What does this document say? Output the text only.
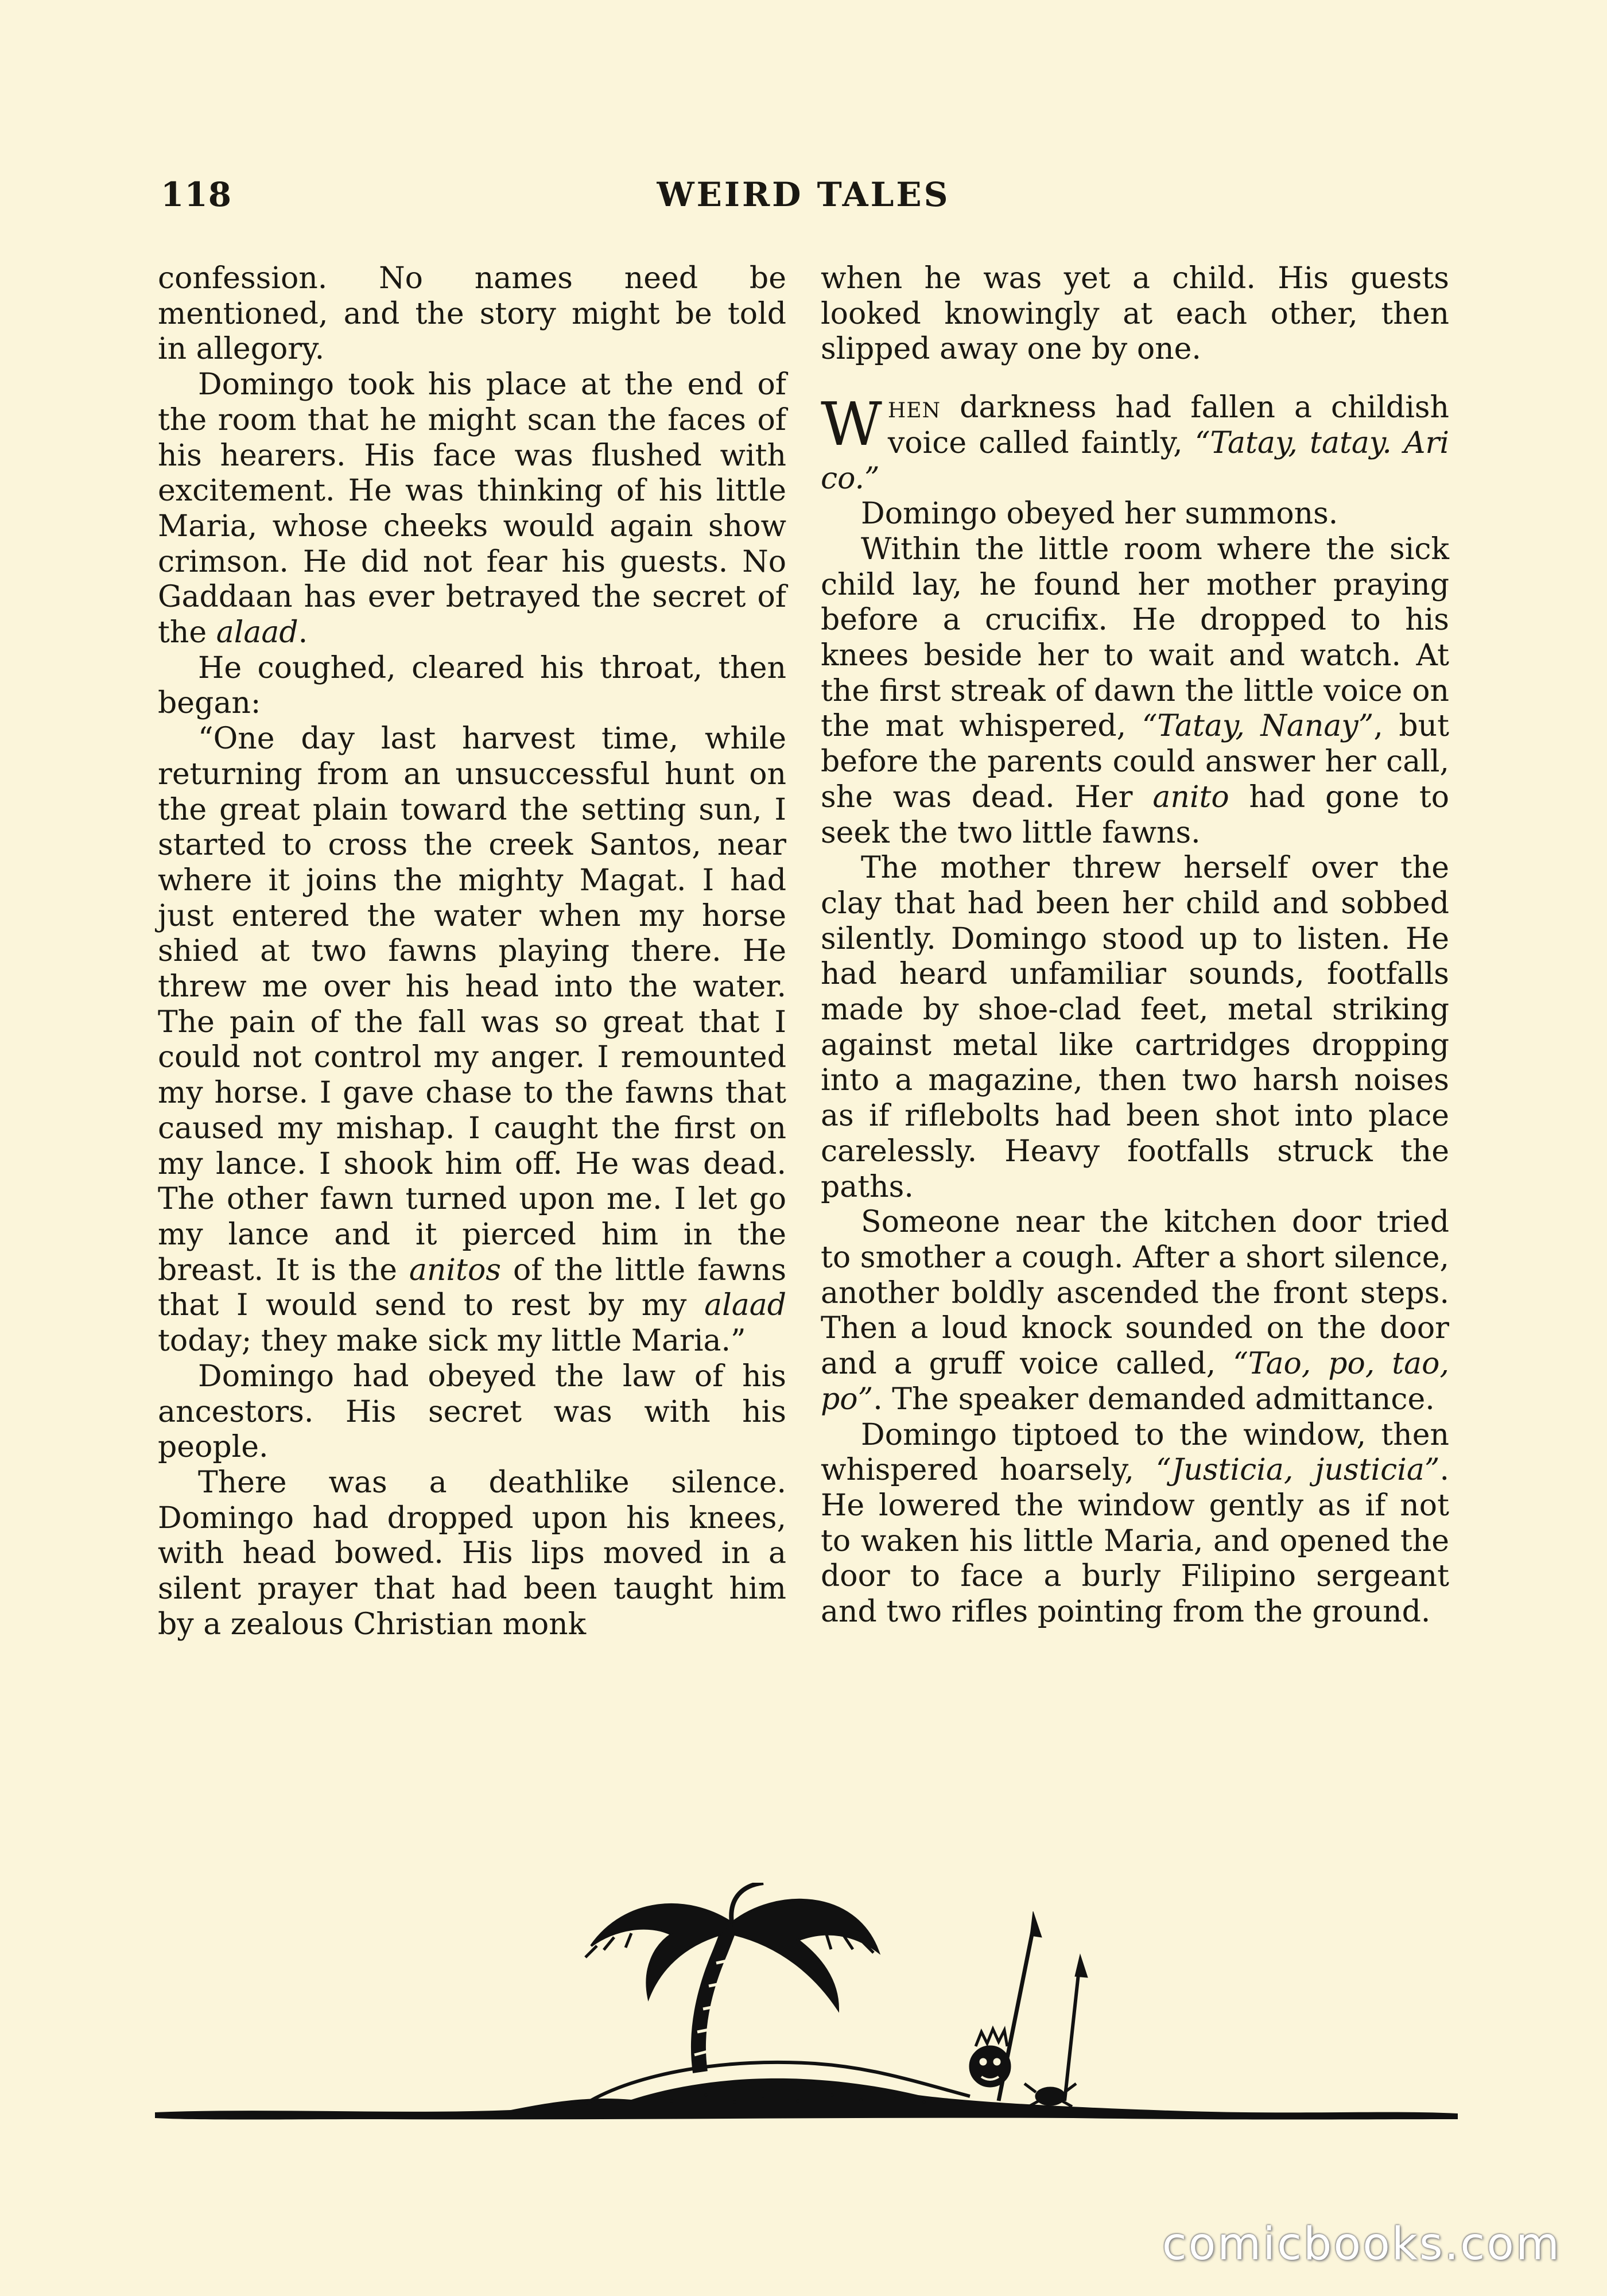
118	WEIRD TALES

confession. No names need be mentioned, and the story might be told in allegory.

Domingo took his place at the end of the room that he might scan the faces of his hearers. His face was flushed with excitement. He was thinking of his little Maria, whose cheeks would again show crimson. He did not fear his guests. No Gaddaan has ever betrayed the secret of the alaad.

He coughed, cleared his throat, then began:

“One day last harvest time, while returning from an unsuccessful hunt on the great plain toward the setting sun, I started to cross the creek Santos, near where it joins the mighty Magat. I had just entered the water when my horse shied at two fawns playing there. He threw me over his head into the water. The pain of the fall was so great that I could not control my anger. I remounted my horse. I gave chase to the fawns that caused my mishap. I caught the first on my lance. I shook him off. He was dead. The other fawn turned upon me. I let go my lance and it pierced him in the breast. It is the anitos of the little fawns that I would send to rest by my alaad today; they make sick my little Maria.”

Domingo had obeyed the law of his ancestors. His secret was with his people.

There was a deathlike silence. Domingo had dropped upon his knees, with head bowed. His lips moved in a silent prayer that had been taught him by a zealous Christian monk

when he was yet a child. His guests looked knowingly at each other, then slipped away one by one.

When darkness had fallen a childish voice called faintly, “Tatay, tatay. Ari co.”

Domingo obeyed her summons.

Within the little room where the sick child lay, he found her mother praying before a crucifix. He dropped to his knees beside her to wait and watch. At the first streak of dawn the little voice on the mat whispered, “Tatay, Nanay”, but before the parents could answer her call, she was dead. Her anito had gone to seek the two little fawns.

The mother threw herself over the clay that had been her child and sobbed silently. Domingo stood up to listen. He had heard unfamiliar sounds, footfalls made by shoe-clad feet, metal striking against metal like cartridges dropping into a magazine, then two harsh noises as if riflebolts had been shot into place carelessly. Heavy footfalls struck the paths.

Someone near the kitchen door tried to smother a cough. After a short silence, another boldly ascended the front steps. Then a loud knock sounded on the door and a gruff voice called, “Tao, po, tao, po”. The speaker demanded admittance.

Domingo tiptoed to the window, then whispered hoarsely, “Justicia, justicia”. He lowered the window gently as if not to waken his little Maria, and opened the door to face a burly Filipino sergeant and two rifles pointing from the ground.

comicbooks.com
